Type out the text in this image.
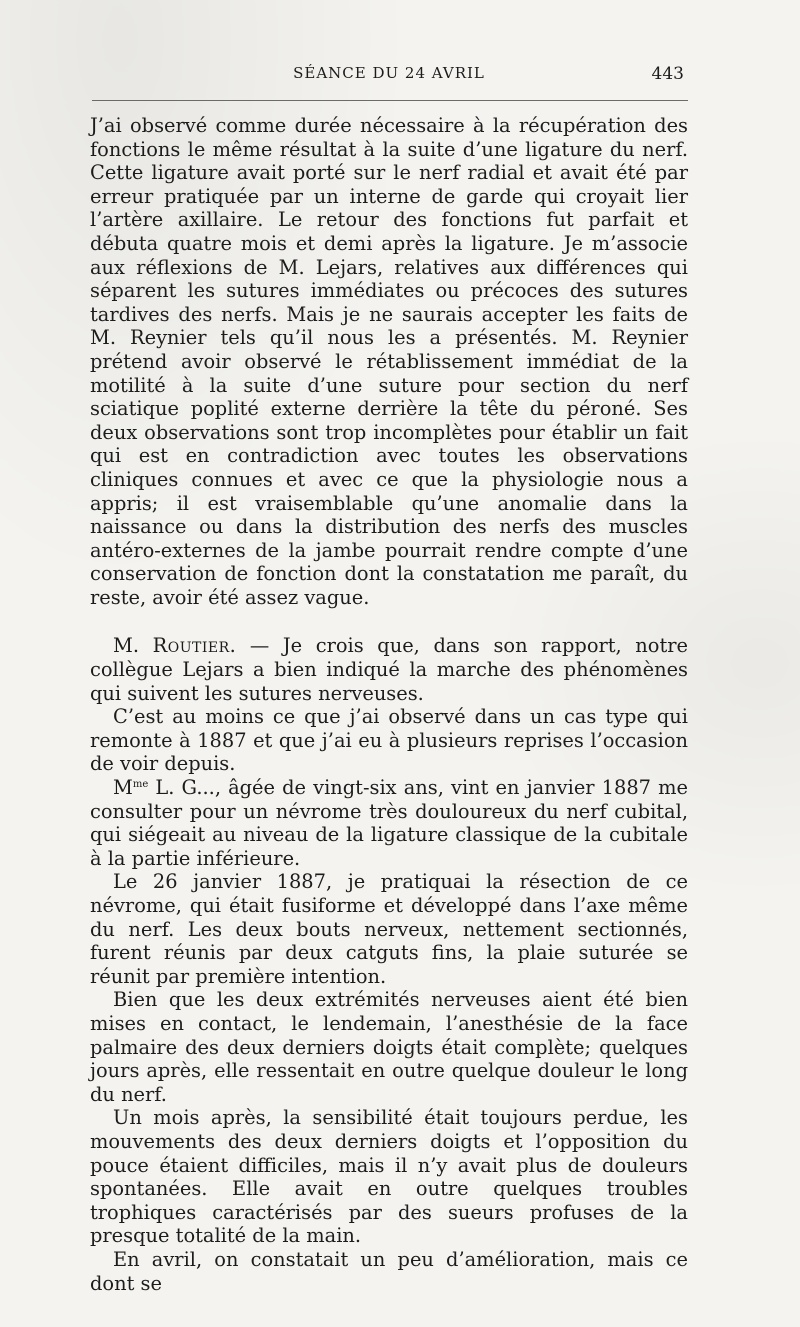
SÉANCE DU 24 AVRIL	443

J’ai observé comme durée nécessaire à la récupération des fonctions le même résultat à la suite d’une ligature du nerf. Cette ligature avait porté sur le nerf radial et avait été par erreur pratiquée par un interne de garde qui croyait lier l’artère axillaire. Le retour des fonctions fut parfait et débuta quatre mois et demi après la ligature. Je m’associe aux réflexions de M. Lejars, relatives aux différences qui séparent les sutures immédiates ou précoces des sutures tardives des nerfs. Mais je ne saurais accepter les faits de M. Reynier tels qu’il nous les a présentés. M. Reynier prétend avoir observé le rétablissement immédiat de la motilité à la suite d’une suture pour section du nerf sciatique poplité externe derrière la tête du péroné. Ses deux observations sont trop incomplètes pour établir un fait qui est en contradiction avec toutes les observations cliniques connues et avec ce que la physiologie nous a appris; il est vraisemblable qu’une anomalie dans la naissance ou dans la distribution des nerfs des muscles antéro-externes de la jambe pourrait rendre compte d’une conservation de fonction dont la constatation me paraît, du reste, avoir été assez vague.

M. Routier. — Je crois que, dans son rapport, notre collègue Lejars a bien indiqué la marche des phénomènes qui suivent les sutures nerveuses.

C’est au moins ce que j’ai observé dans un cas type qui remonte à 1887 et que j’ai eu à plusieurs reprises l’occasion de voir depuis.

$M^{me}$ L. G..., âgée de vingt-six ans, vint en janvier 1887 me consulter pour un névrome très douloureux du nerf cubital, qui siégeait au niveau de la ligature classique de la cubitale à la partie inférieure.

Le 26 janvier 1887, je pratiquai la résection de ce névrome, qui était fusiforme et développé dans l’axe même du nerf. Les deux bouts nerveux, nettement sectionnés, furent réunis par deux catguts fins, la plaie suturée se réunit par première intention.

Bien que les deux extrémités nerveuses aient été bien mises en contact, le lendemain, l’anesthésie de la face palmaire des deux derniers doigts était complète; quelques jours après, elle ressentait en outre quelque douleur le long du nerf.

Un mois après, la sensibilité était toujours perdue, les mouvements des deux derniers doigts et l’opposition du pouce étaient difficiles, mais il n’y avait plus de douleurs spontanées. Elle avait en outre quelques troubles trophiques caractérisés par des sueurs profuses de la presque totalité de la main.

En avril, on constatait un peu d’amélioration, mais ce dont se
